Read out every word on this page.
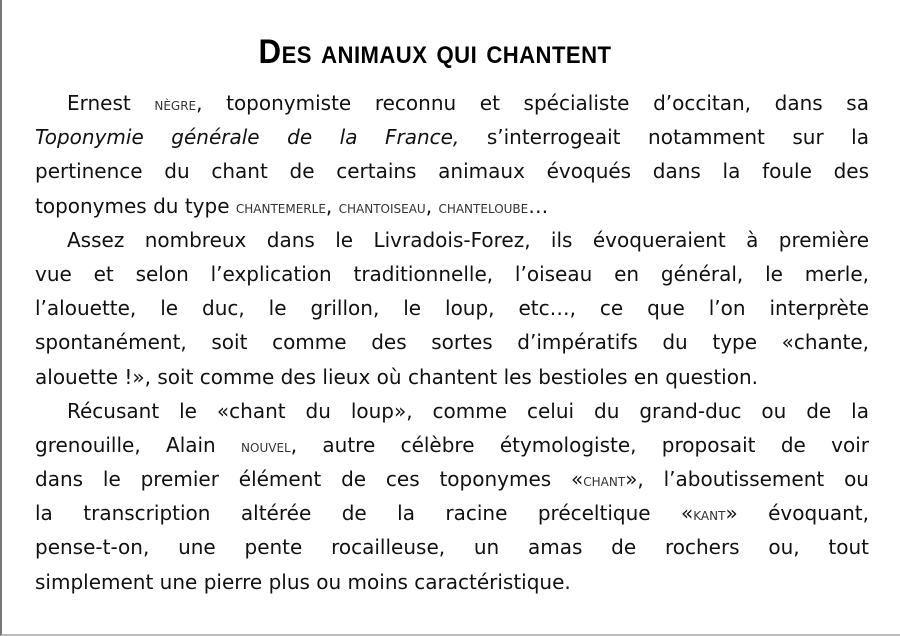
Des animaux qui chantent
Ernest nègre, toponymiste reconnu et spécialiste d’occitan, dans sa
Toponymie générale de la France, s’interrogeait notamment sur la
pertinence du chant de certains animaux évoqués dans la foule des
toponymes du type chantemerle, chantoiseau, chanteloube…
Assez nombreux dans le Livradois-Forez, ils évoqueraient à première
vue et selon l’explication traditionnelle, l’oiseau en général, le merle,
l’alouette, le duc, le grillon, le loup, etc…, ce que l’on interprète
spontanément, soit comme des sortes d’impératifs du type «chante,
alouette !», soit comme des lieux où chantent les bestioles en question.
Récusant le «chant du loup», comme celui du grand-duc ou de la
grenouille, Alain nouvel, autre célèbre étymologiste, proposait de voir
dans le premier élément de ces toponymes «chant», l’aboutissement ou
la transcription altérée de la racine préceltique «kant» évoquant,
pense-t-on, une pente rocailleuse, un amas de rochers ou, tout
simplement une pierre plus ou moins caractéristique.
